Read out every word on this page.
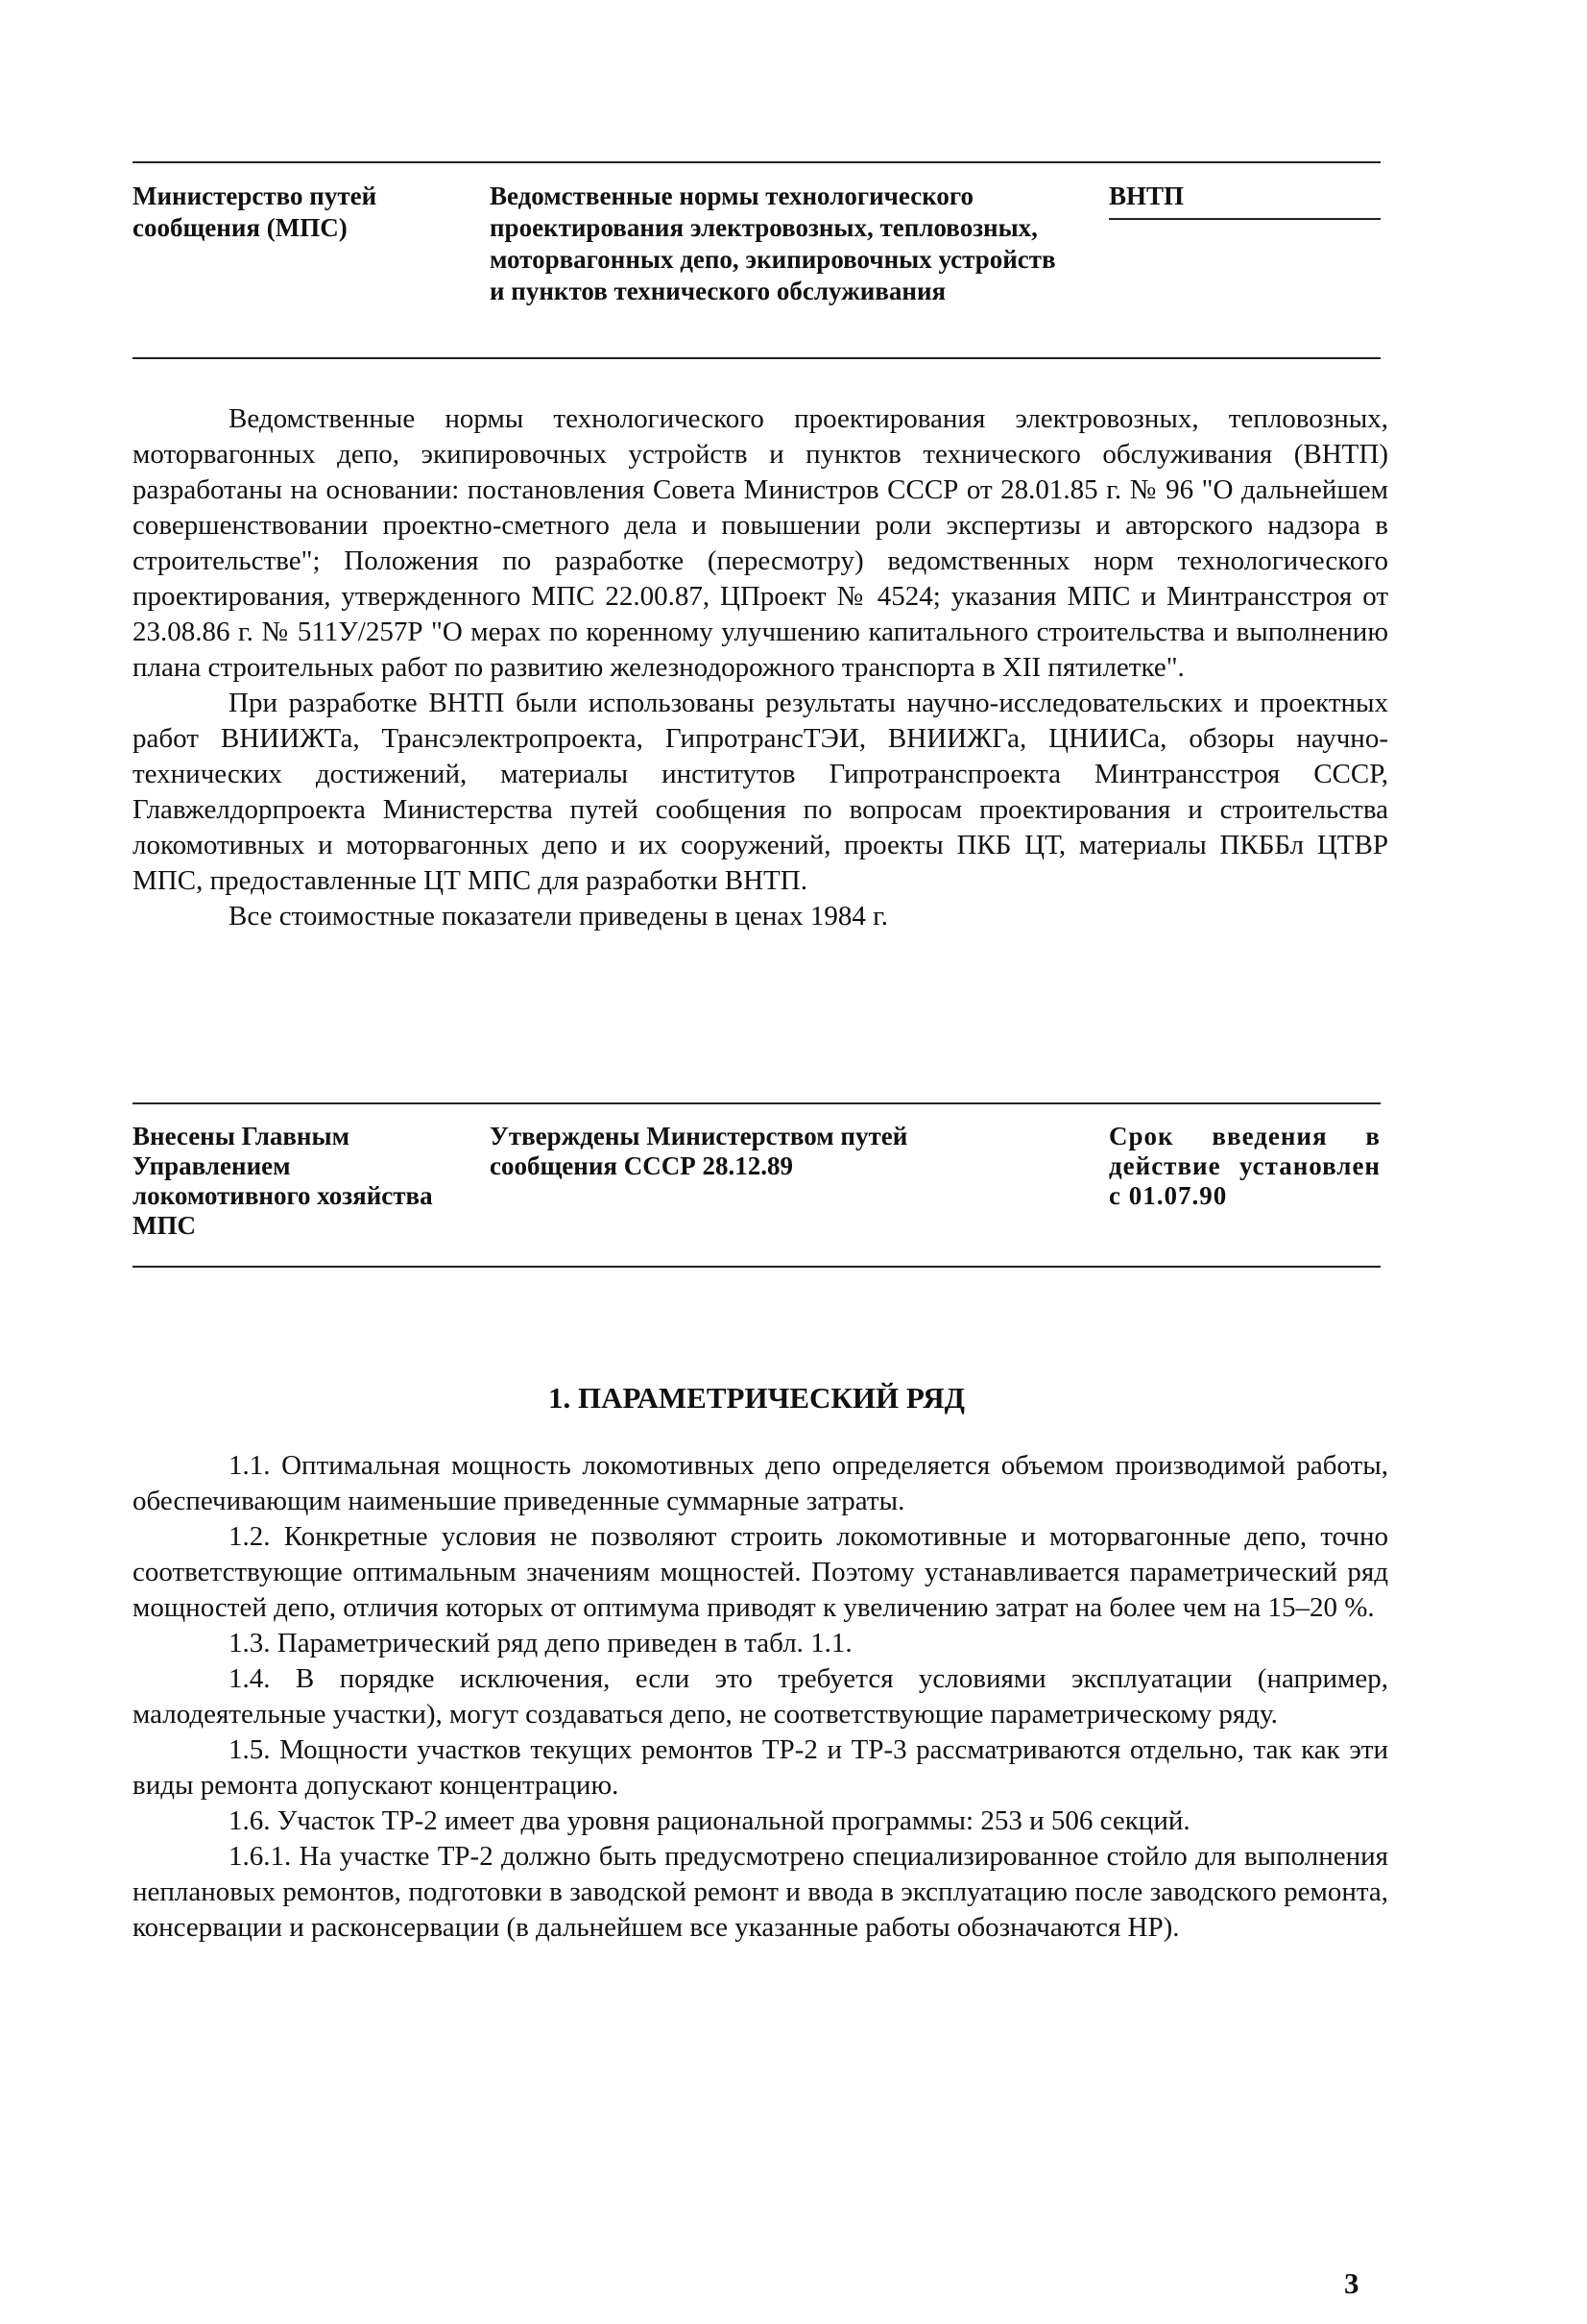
Министерство путей сообщения (МПС)

Ведомственные нормы технологического проектирования электровозных, тепловозных, моторвагонных депо, экипировочных устройств и пунктов технического обслуживания

ВНТП

Ведомственные нормы технологического проектирования электровозных, тепловозных, моторвагонных депо, экипировочных устройств и пунктов технического обслуживания (ВНТП) разработаны на основании: постановления Совета Министров СССР от 28.01.85 г. № 96 "О дальнейшем совершенствовании проектно-сметного дела и повышении роли экспертизы и авторского надзора в строительстве"; Положения по разработке (пересмотру) ведомственных норм технологического проектирования, утвержденного МПС 22.00.87, ЦПроект № 4524; указания МПС и Минтрансстроя от 23.08.86 г. № 511У/257Р "О мерах по коренному улучшению капитального строительства и выполнению плана строительных работ по развитию железнодорожного транспорта в XII пятилетке".

При разработке ВНТП были использованы результаты научно-исследовательских и проектных работ ВНИИЖТа, Трансэлектропроекта, ГипротрансТЭИ, ВНИИЖГа, ЦНИИСа, обзоры научно-технических достижений, материалы институтов Гипротранспроекта Минтрансстроя СССР, Главжелдорпроекта Министерства путей сообщения по вопросам проектирования и строительства локомотивных и моторвагонных депо и их сооружений, проекты ПКБ ЦТ, материалы ПКББл ЦТВР МПС, предоставленные ЦТ МПС для разработки ВНТП.

Все стоимостные показатели приведены в ценах 1984 г.

Внесены Главным Управлением локомотивного хозяйства МПС

Утверждены Министерством путей сообщения СССР 28.12.89

Срок введения в действие установлен с 01.07.90

1. ПАРАМЕТРИЧЕСКИЙ РЯД

1.1. Оптимальная мощность локомотивных депо определяется объемом производимой работы, обеспечивающим наименьшие приведенные суммарные затраты.

1.2. Конкретные условия не позволяют строить локомотивные и моторвагонные депо, точно соответствующие оптимальным значениям мощностей. Поэтому устанавливается параметрический ряд мощностей депо, отличия которых от оптимума приводят к увеличению затрат на более чем на 15–20 %.

1.3. Параметрический ряд депо приведен в табл. 1.1.

1.4. В порядке исключения, если это требуется условиями эксплуатации (например, малодеятельные участки), могут создаваться депо, не соответствующие параметрическому ряду.

1.5. Мощности участков текущих ремонтов ТР-2 и ТР-3 рассматриваются отдельно, так как эти виды ремонта допускают концентрацию.

1.6. Участок ТР-2 имеет два уровня рациональной программы: 253 и 506 секций.

1.6.1. На участке ТР-2 должно быть предусмотрено специализированное стойло для выполнения неплановых ремонтов, подготовки в заводской ремонт и ввода в эксплуатацию после заводского ремонта, консервации и расконсервации (в дальнейшем все указанные работы обозначаются НР).

3
